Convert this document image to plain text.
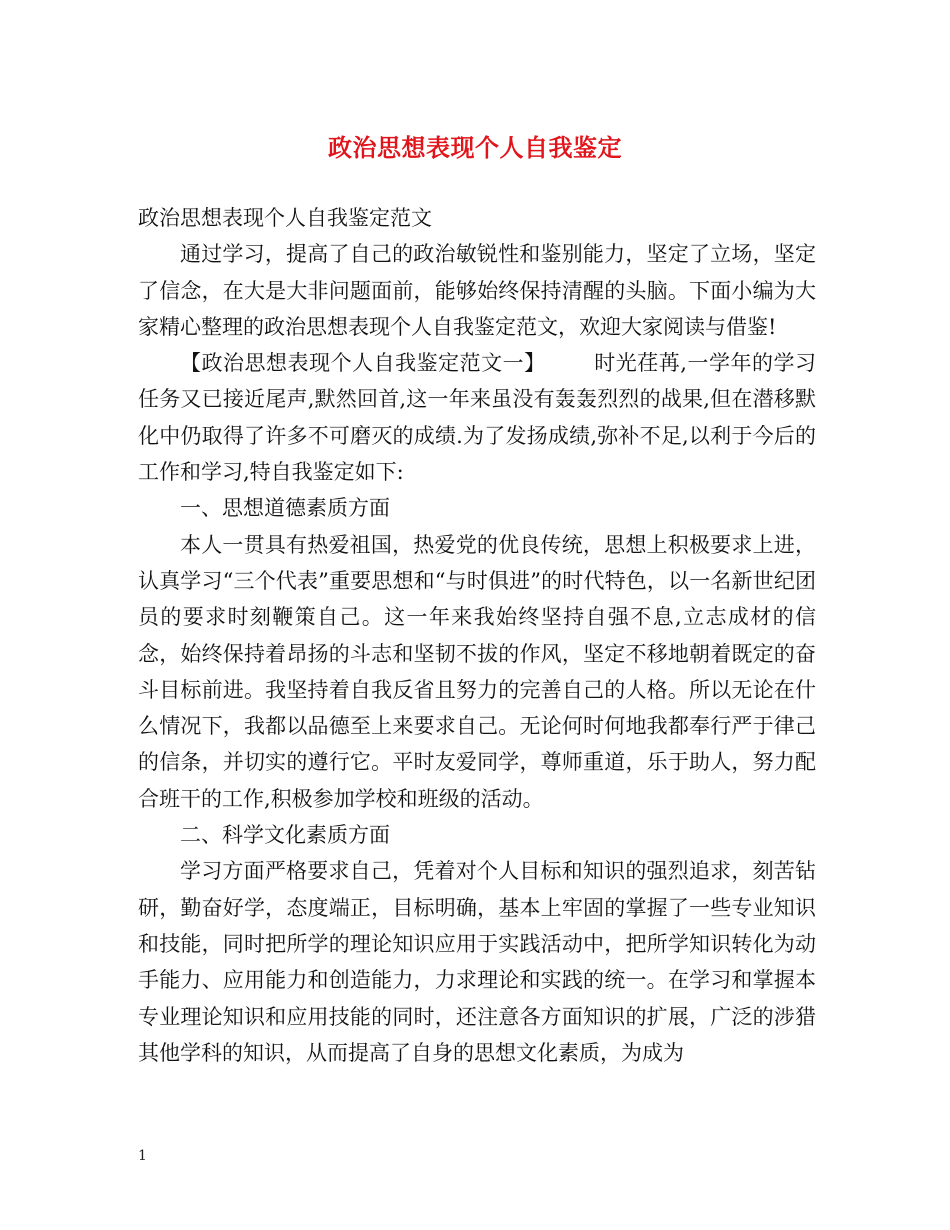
政治思想表现个人自我鉴定

政治思想表现个人自我鉴定范文

通过学习，提高了自己的政治敏锐性和鉴别能力，坚定了立场，坚定了信念，在大是大非问题面前，能够始终保持清醒的头脑。下面小编为大家精心整理的政治思想表现个人自我鉴定范文，欢迎大家阅读与借鉴!

【政治思想表现个人自我鉴定范文一】 时光荏苒,一学年的学习任务又已接近尾声,默然回首,这一年来虽没有轰轰烈烈的战果,但在潜移默化中仍取得了许多不可磨灭的成绩.为了发扬成绩,弥补不足,以利于今后的工作和学习,特自我鉴定如下:

一、思想道德素质方面

本人一贯具有热爱祖国，热爱党的优良传统，思想上积极要求上进，认真学习“三个代表”重要思想和“与时俱进”的时代特色，以一名新世纪团员的要求时刻鞭策自己。这一年来我始终坚持自强不息,立志成材的信念，始终保持着昂扬的斗志和坚韧不拔的作风，坚定不移地朝着既定的奋斗目标前进。我坚持着自我反省且努力的完善自己的人格。所以无论在什么情况下，我都以品德至上来要求自己。无论何时何地我都奉行严于律己的信条，并切实的遵行它。平时友爱同学，尊师重道，乐于助人，努力配合班干的工作,积极参加学校和班级的活动。

二、科学文化素质方面

学习方面严格要求自己，凭着对个人目标和知识的强烈追求，刻苦钻研，勤奋好学，态度端正，目标明确，基本上牢固的掌握了一些专业知识和技能，同时把所学的理论知识应用于实践活动中，把所学知识转化为动手能力、应用能力和创造能力，力求理论和实践的统一。在学习和掌握本专业理论知识和应用技能的同时，还注意各方面知识的扩展，广泛的涉猎其他学科的知识，从而提高了自身的思想文化素质，为成为

1
